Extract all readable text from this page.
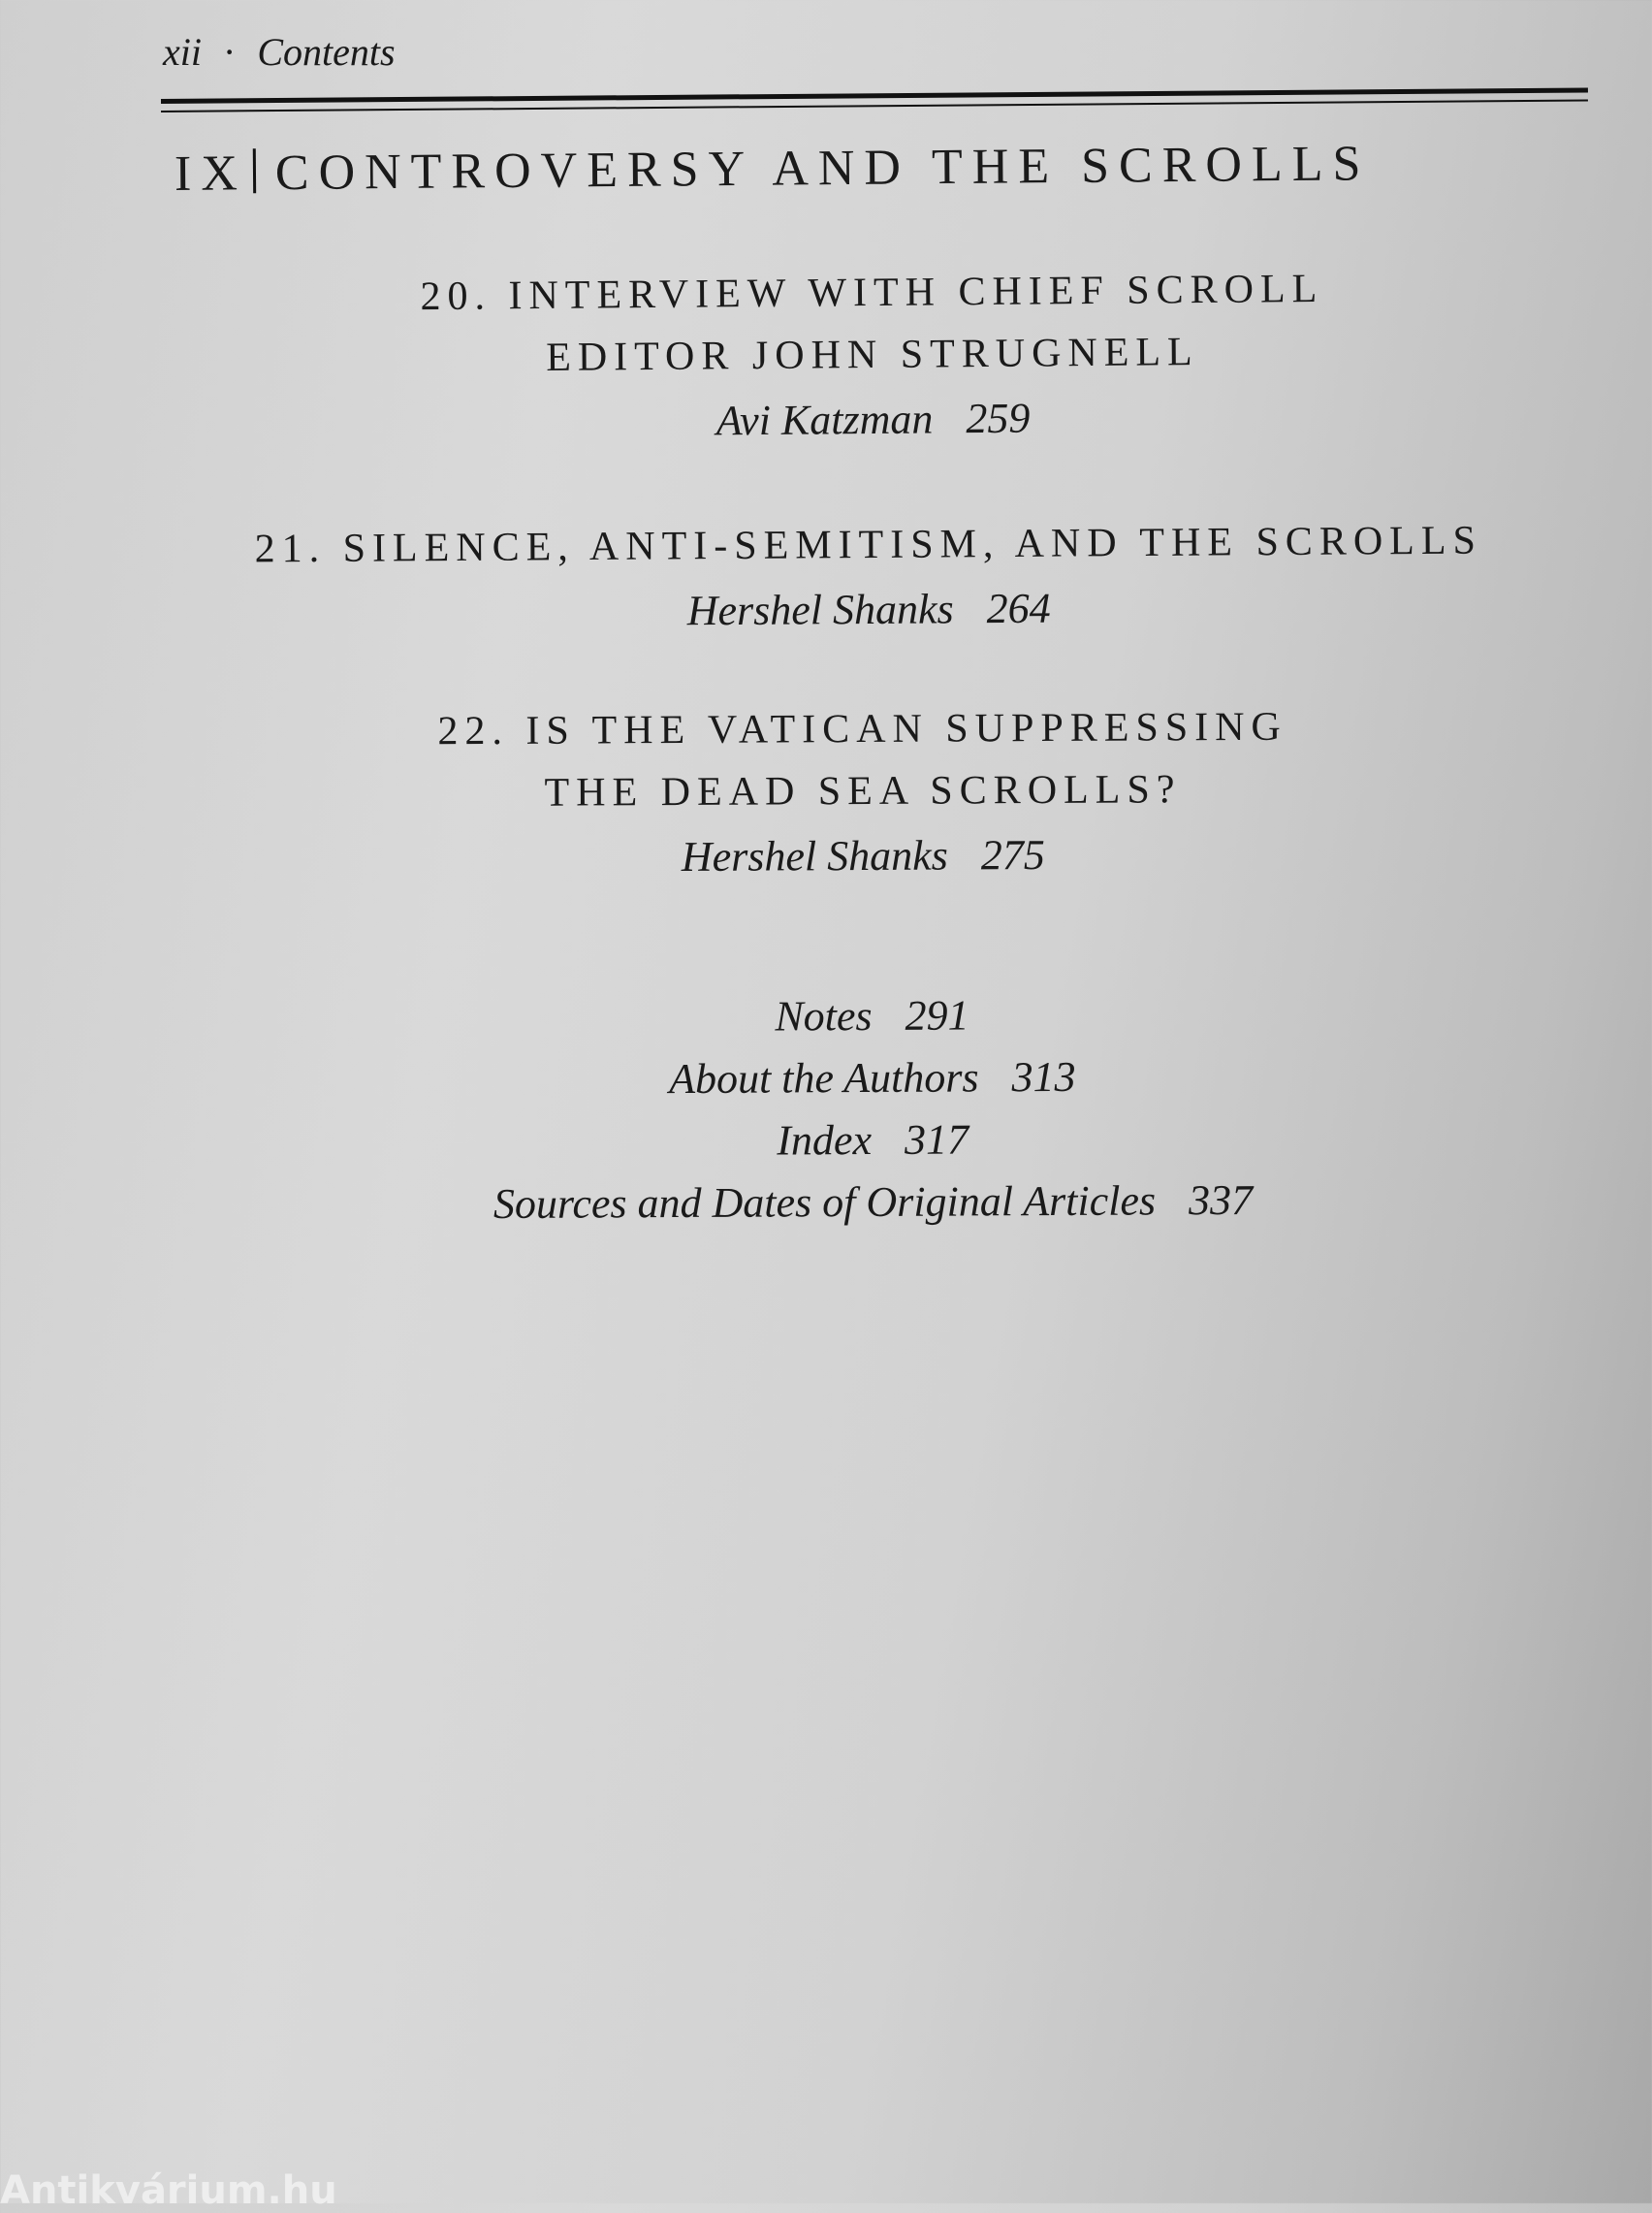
xii · Contents
IX CONTROVERSY AND THE SCROLLS
20. INTERVIEW WITH CHIEF SCROLL
EDITOR JOHN STRUGNELL
Avi Katzman 259
21. SILENCE, ANTI-SEMITISM, AND THE SCROLLS
Hershel Shanks 264
22. IS THE VATICAN SUPPRESSING
THE DEAD SEA SCROLLS?
Hershel Shanks 275
Notes 291
About the Authors 313
Index 317
Sources and Dates of Original Articles 337
Antikvárium.hu
